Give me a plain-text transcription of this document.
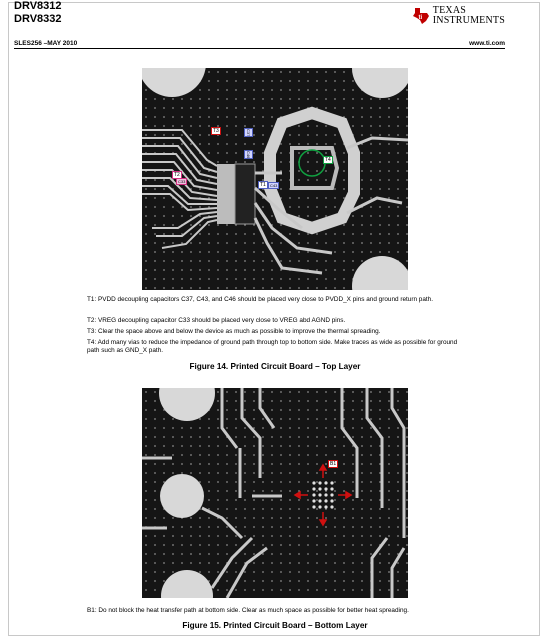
DRV8312
DRV8332	ti
TEXAS
INSTRUMENTS
SLES256 –MAY 2010	www.ti.com
T3	C37
C46
T4
T2
C33
T1	C43
T1: PVDD decoupling capacitors C37, C43, and C46 should be placed very close to PVDD_X pins and ground return path.
T2: VREG decoupling capacitor C33 should be placed very close to VREG abd AGND pins.
T3: Clear the space above and below the device as much as possible to improve the thermal spreading.
T4: Add many vias to reduce the impedance of ground path through top to bottom side. Make traces as wide as possible for ground path such as GND_X path.
Figure 14. Printed Circuit Board – Top Layer
B1
B1: Do not block the heat transfer path at bottom side. Clear as much space as possible for better heat spreading.
Figure 15. Printed Circuit Board – Bottom Layer
